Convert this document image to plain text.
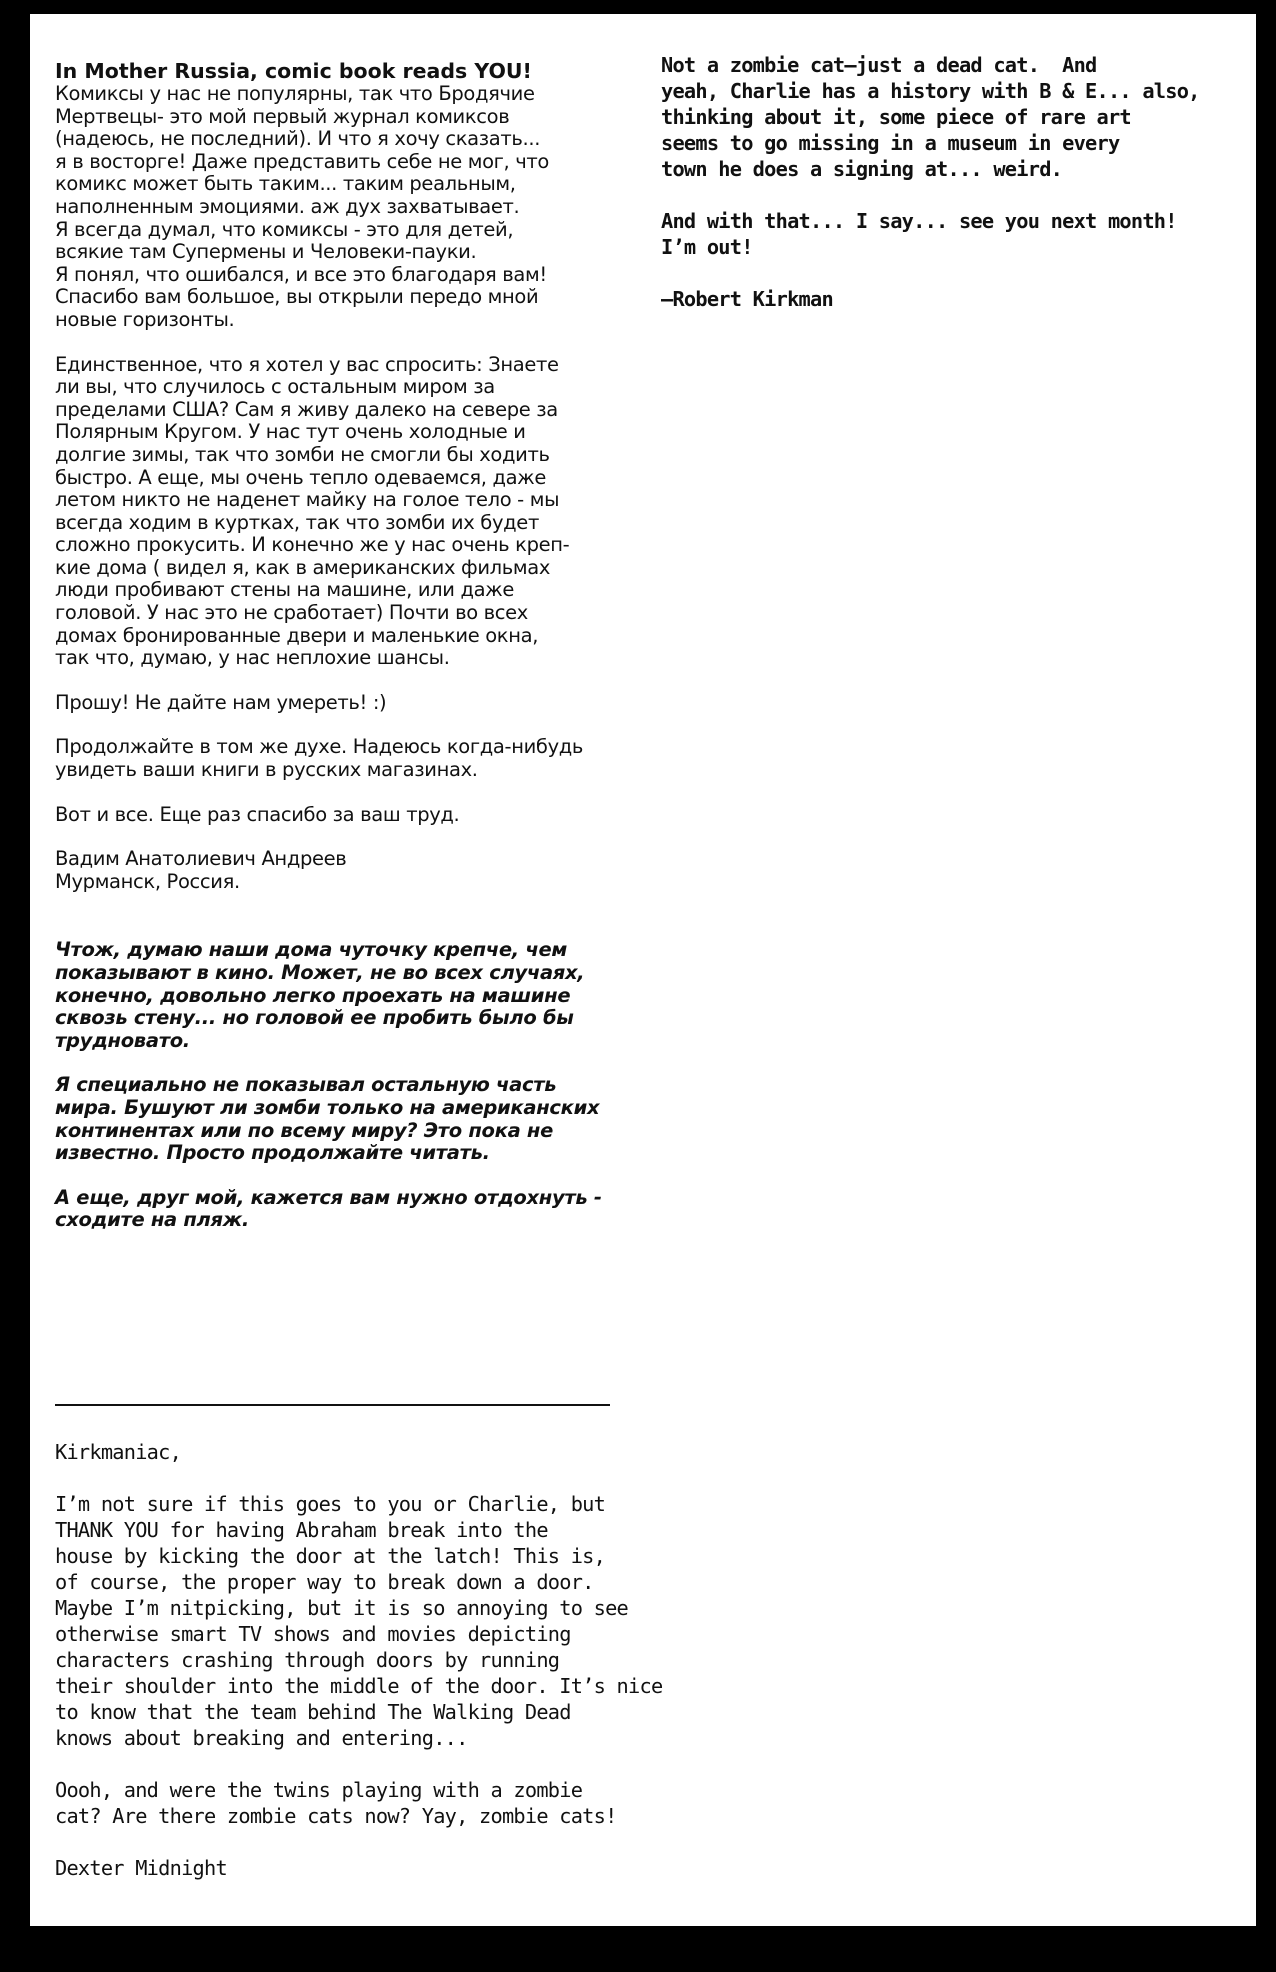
In Mother Russia, comic book reads YOU!

Комиксы у нас не популярны, так что Бродячие
Мертвецы- это мой первый журнал комиксов
(надеюсь, не последний). И что я хочу сказать...
я в восторге! Даже представить себе не мог, что
комикс может быть таким... таким реальным,
наполненным эмоциями. аж дух захватывает.
Я всегда думал, что комиксы - это для детей,
всякие там Супермены и Человеки-пауки.
Я понял, что ошибался, и все это благодаря вам!
Спасибо вам большое, вы открыли передо мной
новые горизонты.

Единственное, что я хотел у вас спросить: Знаете
ли вы, что случилось с остальным миром за
пределами США? Сам я живу далеко на севере за
Полярным Кругом. У нас тут очень холодные и
долгие зимы, так что зомби не смогли бы ходить
быстро. А еще, мы очень тепло одеваемся, даже
летом никто не наденет майку на голое тело - мы
всегда ходим в куртках, так что зомби их будет
сложно прокусить. И конечно же у нас очень креп-
кие дома ( видел я, как в американских фильмах
люди пробивают стены на машине, или даже
головой. У нас это не сработает) Почти во всех
домах бронированные двери и маленькие окна,
так что, думаю, у нас неплохие шансы.

Прошу! Не дайте нам умереть! :)

Продолжайте в том же духе. Надеюсь когда-нибудь
увидеть ваши книги в русских магазинах.

Вот и все. Еще раз спасибо за ваш труд.

Вадим Анатолиевич Андреев
Мурманск, Россия.

Чтож, думаю наши дома чуточку крепче, чем
показывают в кино. Может, не во всех случаях,
конечно, довольно легко проехать на машине
сквозь стену... но головой ее пробить было бы
трудновато.

Я специально не показывал остальную часть
мира. Бушуют ли зомби только на американских
континентах или по всему миру? Это пока не
известно. Просто продолжайте читать.

А еще, друг мой, кажется вам нужно отдохнуть -
сходите на пляж.

Kirkmaniac,

I’m not sure if this goes to you or Charlie, but
THANK YOU for having Abraham break into the
house by kicking the door at the latch! This is,
of course, the proper way to break down a door.
Maybe I’m nitpicking, but it is so annoying to see
otherwise smart TV shows and movies depicting
characters crashing through doors by running
their shoulder into the middle of the door. It’s nice
to know that the team behind The Walking Dead
knows about breaking and entering...

Oooh, and were the twins playing with a zombie
cat? Are there zombie cats now? Yay, zombie cats!

Dexter Midnight

Not a zombie cat—just a dead cat.  And
yeah, Charlie has a history with B & E... also,
thinking about it, some piece of rare art
seems to go missing in a museum in every
town he does a signing at... weird.

And with that... I say... see you next month!
I’m out!

—Robert Kirkman
